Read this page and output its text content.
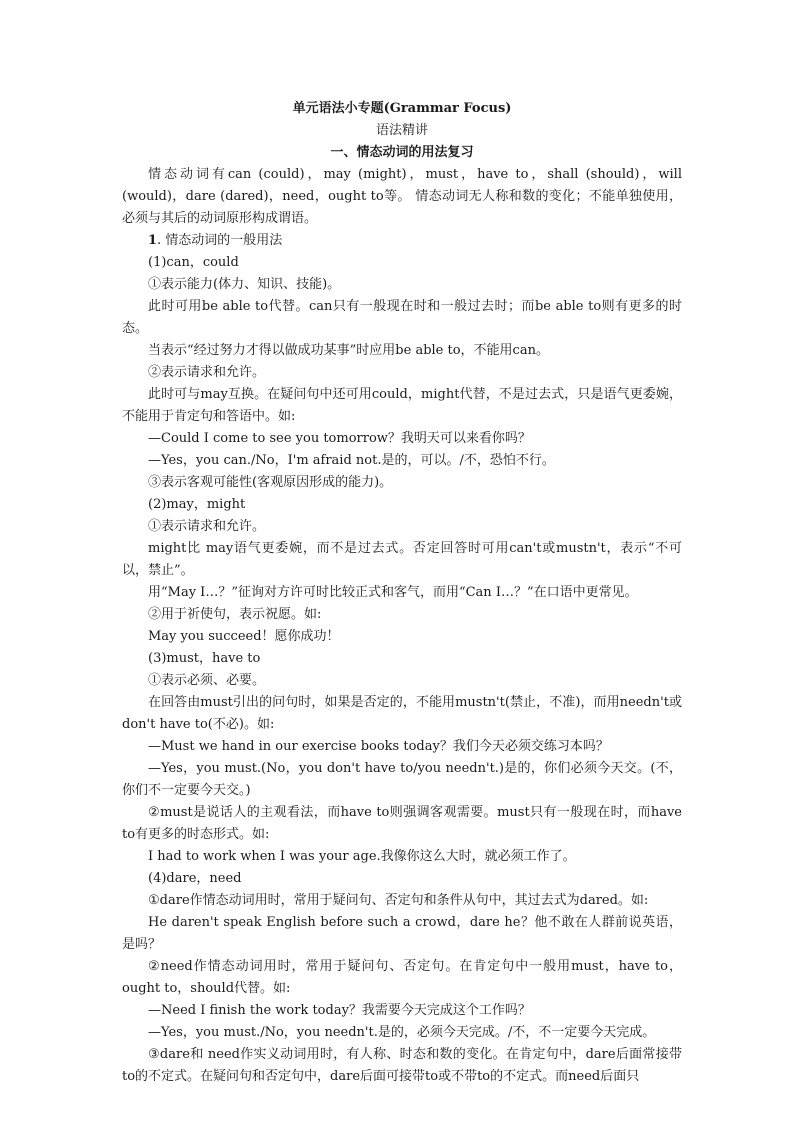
单元语法小专题(Grammar Focus)
语法精讲
一、情态动词的用法复习

情态动词有can (could)，may (might)，must，have to，shall (should)，will (would)，dare (dared)，need，ought to等。 情态动词无人称和数的变化；不能单独使用，必须与其后的动词原形构成谓语。

1. 情态动词的一般用法

(1)can，could

①表示能力(体力、知识、技能)。

此时可用be able to代替。can只有一般现在时和一般过去时；而be able to则有更多的时态。

当表示“经过努力才得以做成功某事”时应用be able to，不能用can。

②表示请求和允许。

此时可与may互换。在疑问句中还可用could，might代替，不是过去式，只是语气更委婉，不能用于肯定句和答语中。如:

—Could I come to see you tomorrow？我明天可以来看你吗？

—Yes，you can./No，I'm afraid not.是的，可以。/不，恐怕不行。

③表示客观可能性(客观原因形成的能力)。

(2)may，might

①表示请求和允许。

might比 may语气更委婉，而不是过去式。否定回答时可用can't或mustn't，表示“不可以，禁止”。

用“May I…？”征询对方许可时比较正式和客气，而用“Can I…？”在口语中更常见。

②用于祈使句，表示祝愿。如:

May you succeed！愿你成功！

(3)must，have to

①表示必须、必要。

在回答由must引出的问句时，如果是否定的，不能用mustn't(禁止，不准)，而用needn't或don't have to(不必)。如:

—Must we hand in our exercise books today？我们今天必须交练习本吗？

—Yes，you must.(No，you don't have to/you needn't.)是的，你们必须今天交。(不，你们不一定要今天交。)

②must是说话人的主观看法，而have to则强调客观需要。must只有一般现在时，而have to有更多的时态形式。如:

I had to work when I was your age.我像你这么大时，就必须工作了。

(4)dare，need

①dare作情态动词用时，常用于疑问句、否定句和条件从句中，其过去式为dared。如:

He daren't speak English before such a crowd，dare he？他不敢在人群前说英语，是吗？

②need作情态动词用时，常用于疑问句、否定句。在肯定句中一般用must，have to，ought to，should代替。如:

—Need I finish the work today？我需要今天完成这个工作吗？

—Yes，you must./No，you needn't.是的，必须今天完成。/不，不一定要今天完成。

③dare和 need作实义动词用时，有人称、时态和数的变化。在肯定句中，dare后面常接带to的不定式。在疑问句和否定句中，dare后面可接带to或不带to的不定式。而need后面只
